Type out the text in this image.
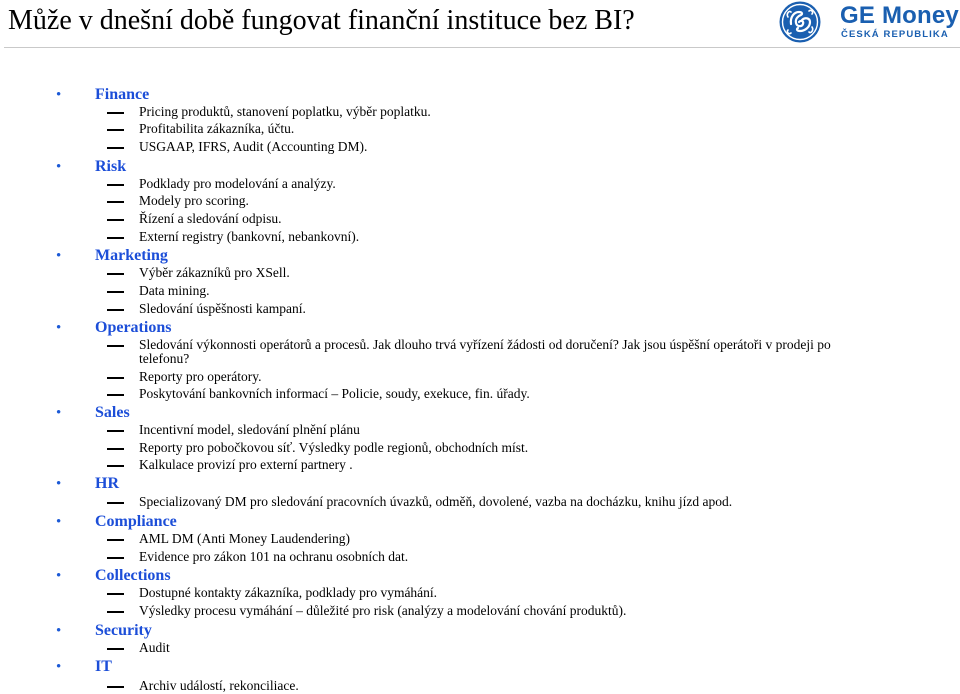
Může v dnešní době fungovat finanční instituce bez BI?	GE Money
ČESKÁ REPUBLIKA
• Finance
Pricing produktů, stanovení poplatku, výběr poplatku.
Profitabilita zákazníka, účtu.
USGAAP, IFRS, Audit (Accounting DM).
• Risk
Podklady pro modelování a analýzy.
Modely pro scoring.
Řízení a sledování odpisu.
Externí registry (bankovní, nebankovní).
• Marketing
Výběr zákazníků pro XSell.
Data mining.
Sledování úspěšnosti kampaní.
• Operations
Sledování výkonnosti operátorů a procesů. Jak dlouho trvá vyřízení žádosti od doručení? Jak jsou úspěšní operátoři v prodeji po
Reporty pro operátory.
Poskytování bankovních informací – Policie, soudy, exekuce, fin. úřady.
telefonu?
• Sales
Incentivní model, sledování plnění plánu
Reporty pro pobočkovou síť. Výsledky podle regionů, obchodních míst.
Kalkulace provizí pro externí partnery .
• HR
Specializovaný DM pro sledování pracovních úvazků, odměň, dovolené, vazba na docházku, knihu jízd apod.
• Compliance
AML DM (Anti Money Laudendering)
Evidence pro zákon 101 na ochranu osobních dat.
• Collections
Dostupné kontakty zákazníka, podklady pro vymáhání.
Výsledky procesu vymáhání – důležité pro risk (analýzy a modelování chování produktů).
• Security
Audit
• IT
Archiv událostí, rekonciliace.
